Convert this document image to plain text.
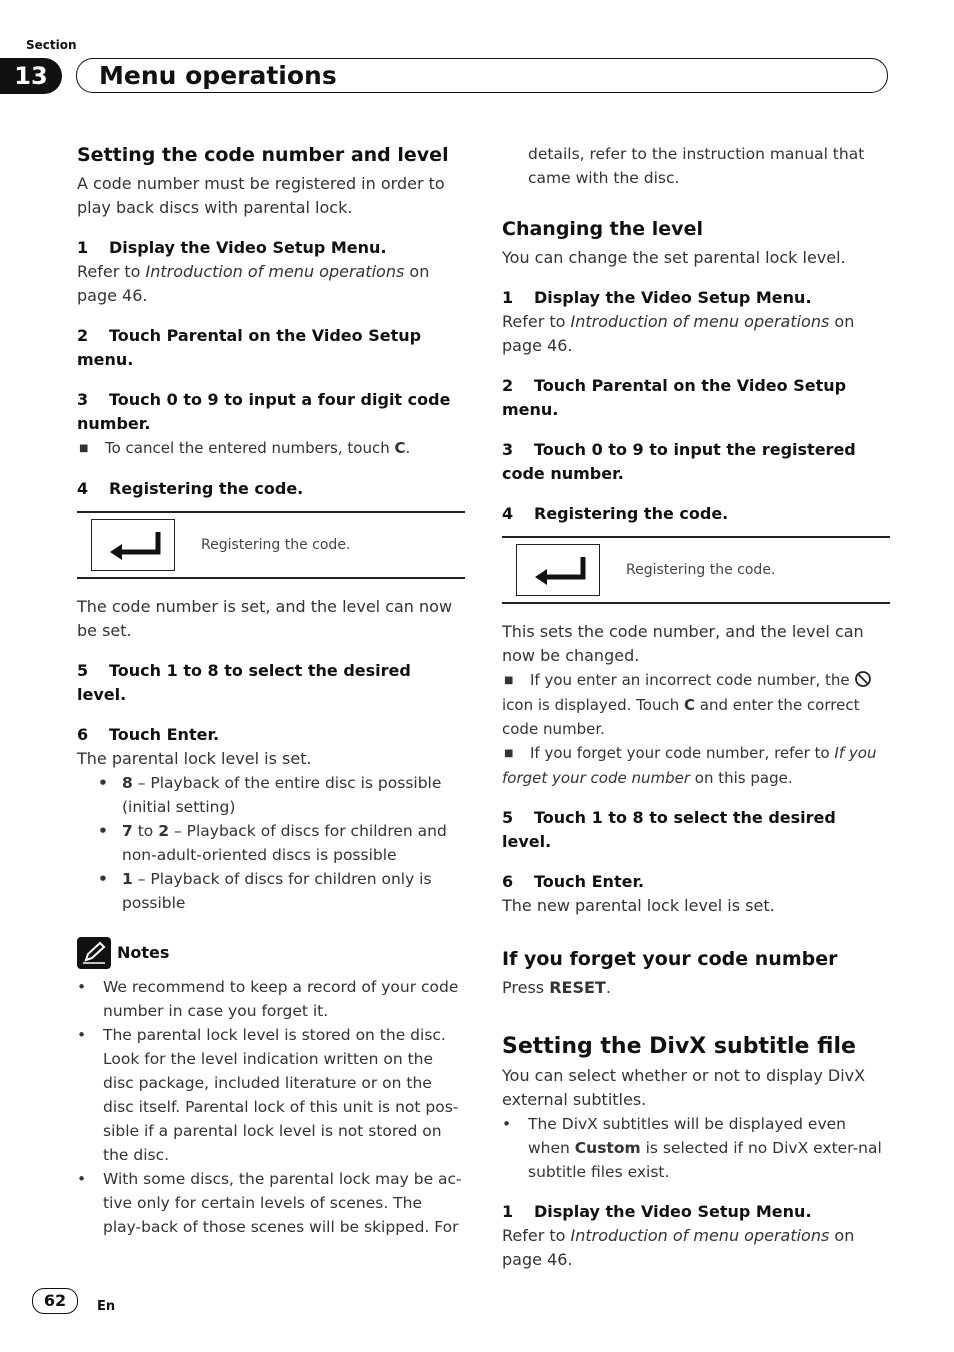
Section
13	Menu operations

Setting the code number and level

A code number must be registered in order to play back discs with parental lock.

1 Display the Video Setup Menu.

Refer to Introduction of menu operations on page 46.

2 Touch Parental on the Video Setup menu.

3 Touch 0 to 9 to input a four digit code number.

■ To cancel the entered numbers, touch C.

4 Registering the code.

Registering the code.

The code number is set, and the level can now be set.

5 Touch 1 to 8 to select the desired level.

6 Touch Enter.

The parental lock level is set.

• 8 – Playback of the entire disc is possible (initial setting)

• 7 to 2 – Playback of discs for children and non-adult-oriented discs is possible

• 1 – Playback of discs for children only is possible

Notes

• We recommend to keep a record of your code number in case you forget it.

• The parental lock level is stored on the disc. Look for the level indication written on the disc package, included literature or on the disc itself. Parental lock of this unit is not pos-sible if a parental lock level is not stored on the disc.

• With some discs, the parental lock may be ac-tive only for certain levels of scenes. The play-back of those scenes will be skipped. For

details, refer to the instruction manual that came with the disc.

Changing the level

You can change the set parental lock level.

1 Display the Video Setup Menu.

Refer to Introduction of menu operations on page 46.

2 Touch Parental on the Video Setup menu.

3 Touch 0 to 9 to input the registered code number.

4 Registering the code.

Registering the code.

This sets the code number, and the level can now be changed.

■ If you enter an incorrect code number, the icon is displayed. Touch C and enter the correct code number.

■ If you forget your code number, refer to If you forget your code number on this page.

5 Touch 1 to 8 to select the desired level.

6 Touch Enter.

The new parental lock level is set.

If you forget your code number

Press RESET.

Setting the DivX subtitle file

You can select whether or not to display DivX external subtitles.

• The DivX subtitles will be displayed even when Custom is selected if no DivX exter-nal subtitle files exist.

1 Display the Video Setup Menu.

Refer to Introduction of menu operations on page 46.

62	En
